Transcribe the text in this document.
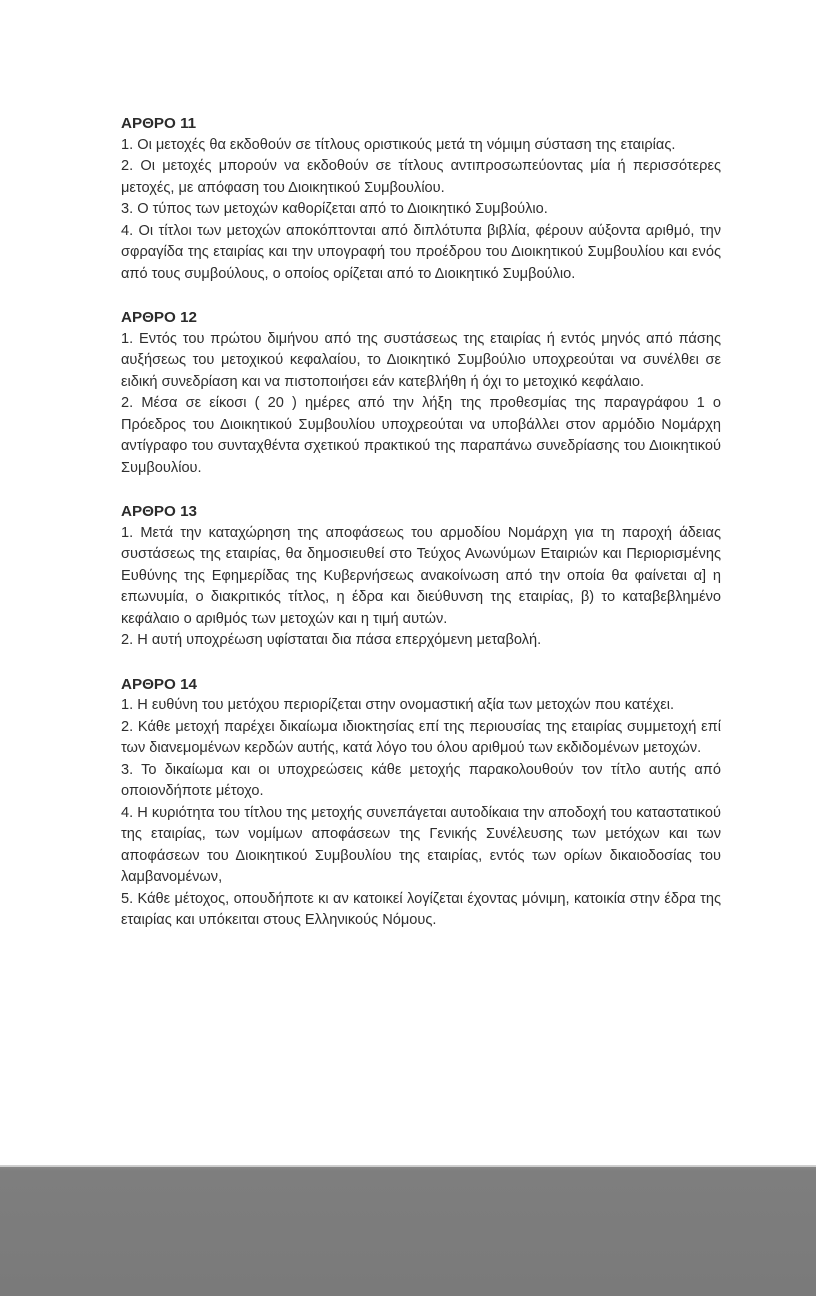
ΑΡΘΡΟ 11

1. Οι μετοχές θα εκδοθούν σε τίτλους οριστικούς μετά τη νόμιμη σύσταση της εταιρίας.

2. Οι μετοχές μπορούν να εκδοθούν σε τίτλους αντιπροσωπεύοντας μία ή περισσότερες μετοχές, με απόφαση του Διοικητικού Συμβουλίου.

3. Ο τύπος των μετοχών καθορίζεται από το Διοικητικό Συμβούλιο.

4. Οι τίτλοι των μετοχών αποκόπτονται από διπλότυπα βιβλία, φέρουν αύξοντα αριθμό, την σφραγίδα της εταιρίας και την υπογραφή του προέδρου του Διοικητικού Συμβουλίου και ενός από τους συμβούλους, ο οποίος ορίζεται από το Διοικητικό Συμβούλιο.

ΑΡΘΡΟ 12

1. Εντός του πρώτου διμήνου από της συστάσεως της εταιρίας ή εντός μηνός από πάσης αυξήσεως του μετοχικού κεφαλαίου, το Διοικητικό Συμβούλιο υποχρεούται να συνέλθει σε ειδική συνεδρίαση και να πιστοποιήσει εάν κατεβλήθη ή όχι το μετοχικό κεφάλαιο.

2. Μέσα σε είκοσι ( 20 ) ημέρες από την λήξη της προθεσμίας της παραγράφου 1 ο Πρόεδρος του Διοικητικού Συμβουλίου υποχρεούται να υποβάλλει στον αρμόδιο Νομάρχη αντίγραφο του συνταχθέντα σχετικού πρακτικού της παραπάνω συνεδρίασης του Διοικητικού Συμβουλίου.

ΑΡΘΡΟ 13

1. Μετά την καταχώρηση της αποφάσεως του αρμοδίου Νομάρχη για τη παροχή άδειας συστάσεως της εταιρίας, θα δημοσιευθεί στο Τεύχος Ανωνύμων Εταιριών και Περιορισμένης Ευθύνης της Εφημερίδας της Κυβερνήσεως ανακοίνωση από την οποία θα φαίνεται α] η επωνυμία, ο διακριτικός τίτλος, η έδρα και διεύθυνση της εταιρίας, β) το καταβεβλημένο κεφάλαιο ο αριθμός των μετοχών και η τιμή αυτών.

2. Η αυτή υποχρέωση υφίσταται δια πάσα επερχόμενη μεταβολή.

ΑΡΘΡΟ 14

1. Η ευθύνη του μετόχου περιορίζεται στην ονομαστική αξία των μετοχών που κατέχει.

2. Κάθε μετοχή παρέχει δικαίωμα ιδιοκτησίας επί της περιουσίας της εταιρίας συμμετοχή επί των διανεμομένων κερδών αυτής, κατά λόγο του όλου αριθμού των εκδιδομένων μετοχών.

3. Το δικαίωμα και οι υποχρεώσεις κάθε μετοχής παρακολουθούν τον τίτλο αυτής από οποιονδήποτε μέτοχο.

4. Η κυριότητα του τίτλου της μετοχής συνεπάγεται αυτοδίκαια την αποδοχή του καταστατικού της εταιρίας, των νομίμων αποφάσεων της Γενικής Συνέλευσης των μετόχων και των αποφάσεων του Διοικητικού Συμβουλίου της εταιρίας, εντός των ορίων δικαιοδοσίας του λαμβανομένων,

5. Κάθε μέτοχος, οπουδήποτε κι αν κατοικεί λογίζεται έχοντας μόνιμη, κατοικία στην έδρα της εταιρίας και υπόκειται στους Ελληνικούς Νόμους.
